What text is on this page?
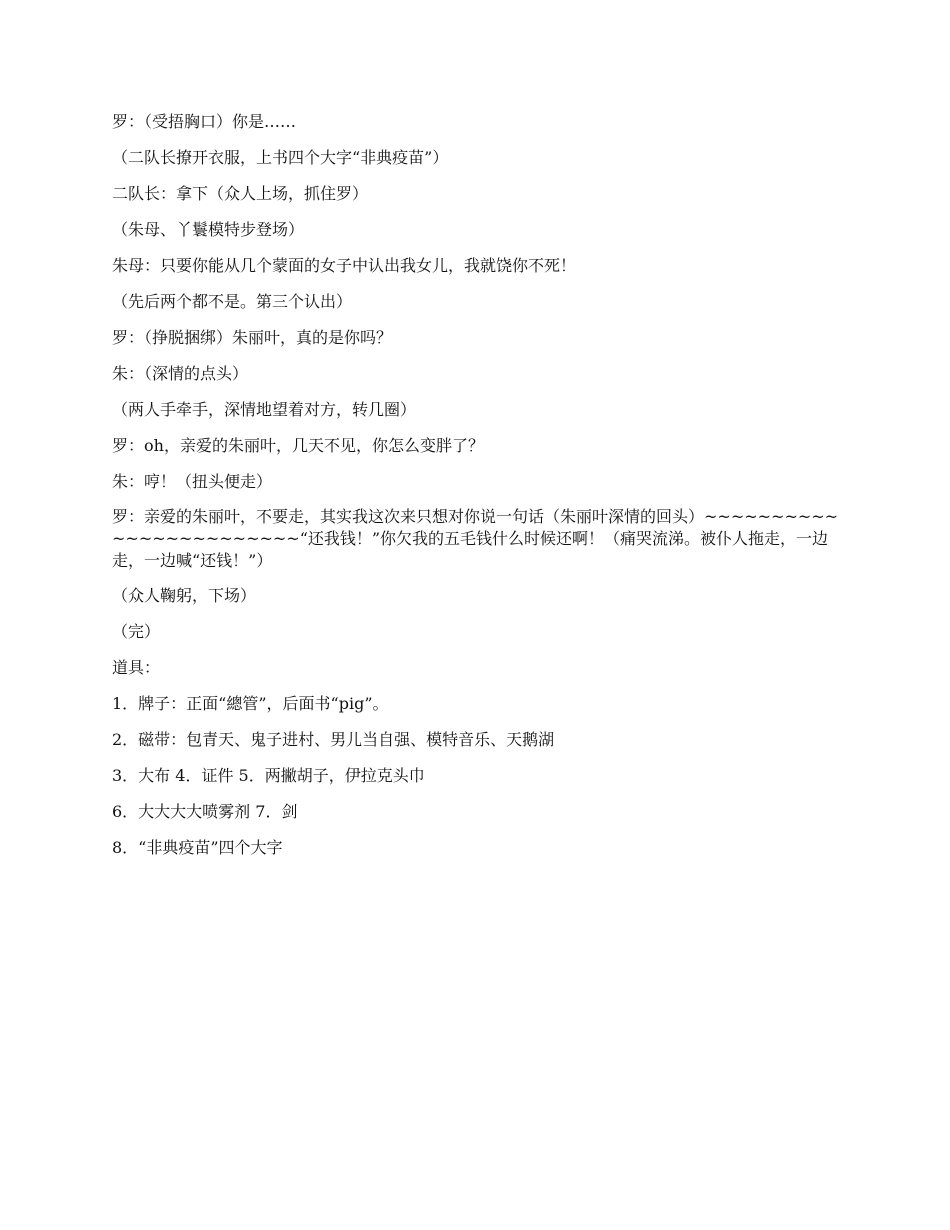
罗：（受捂胸口）你是……

（二队长撩开衣服，上书四个大字“非典疫苗”）

二队长：拿下（众人上场，抓住罗）

（朱母、丫鬟模特步登场）

朱母：只要你能从几个蒙面的女子中认出我女儿，我就饶你不死！

（先后两个都不是。第三个认出）

罗：（挣脱捆绑）朱丽叶，真的是你吗？

朱：（深情的点头）

（两人手牵手，深情地望着对方，转几圈）

罗：oh，亲爱的朱丽叶，几天不见，你怎么变胖了？

朱：哼！（扭头便走）

罗：亲爱的朱丽叶，不要走，其实我这次来只想对你说一句话（朱丽叶深情的回头）~~~~~~~~~~~~~~~~~~~~~~~~“还我钱！”你欠我的五毛钱什么时候还啊！（痛哭流涕。被仆人拖走，一边走，一边喊“还钱！”）

（众人鞠躬，下场）

（完）

道具：

1．牌子：正面“總管”，后面书“pig”。

2．磁带：包青天、鬼子进村、男儿当自强、模特音乐、天鹅湖

3．大布 4．证件 5．两撇胡子，伊拉克头巾

6．大大大大喷雾剂 7．剑

8．“非典疫苗”四个大字
